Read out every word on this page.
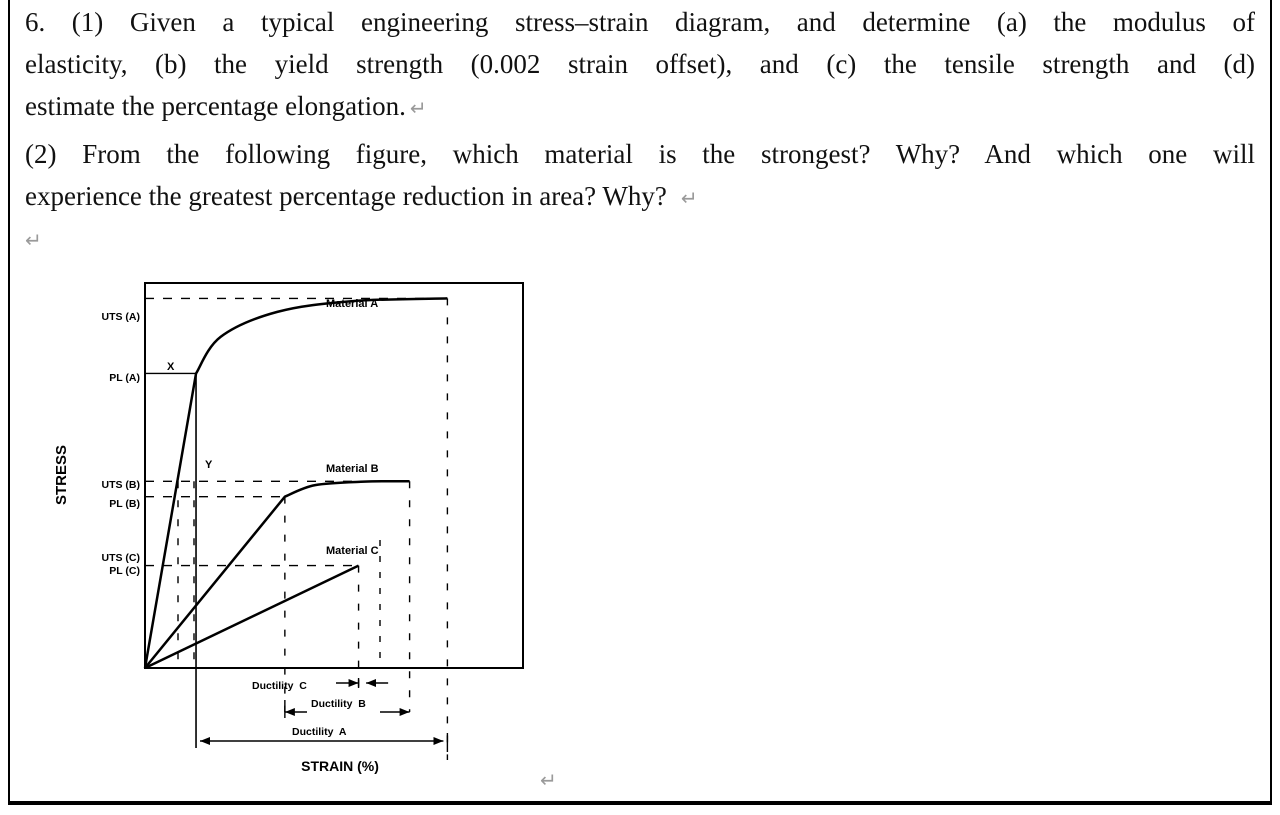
6. (1) Given a typical engineering stress–strain diagram, and determine (a) the modulus of
elasticity, (b) the yield strength (0.002 strain offset), and (c) the tensile strength and (d)
estimate the percentage elongation. ↵
(2) From the following figure, which material is the strongest? Why? And which one will
experience the greatest percentage reduction in area? Why? ↵
↵
Material A
Material B
Material C
X
Y
UTS (A)
PL (A)
UTS (B)
PL (B)
UTS (C)
PL (C)
STRESS
STRAIN (%)
Ductility  C
Ductility  B
Ductility  A
↵
